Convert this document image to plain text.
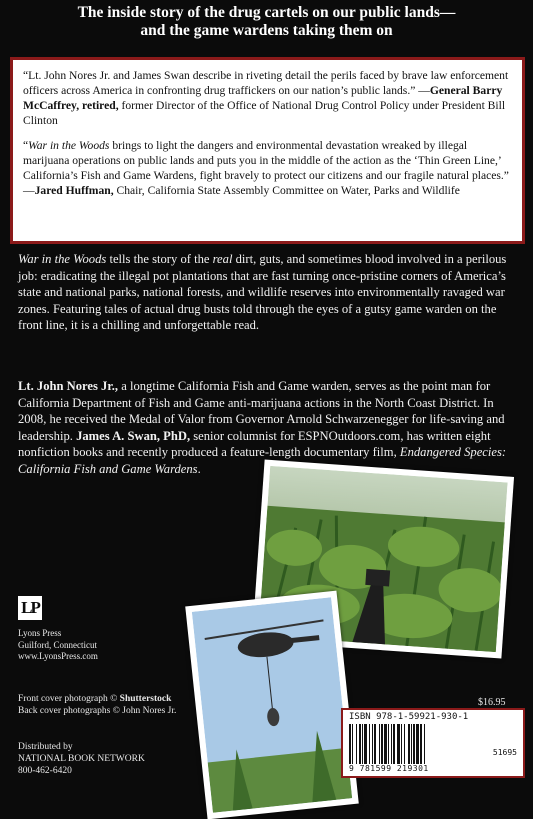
The inside story of the drug cartels on our public lands—
and the game wardens taking them on

“Lt. John Nores Jr. and James Swan describe in riveting detail the perils faced by brave law enforcement officers across America in confronting drug traffickers on our nation’s public lands.” —General Barry McCaffrey, retired, former Director of the Office of National Drug Control Policy under President Bill Clinton

“War in the Woods brings to light the dangers and environmental devastation wreaked by illegal marijuana operations on public lands and puts you in the middle of the action as the ‘Thin Green Line,’ California’s Fish and Game Wardens, fight bravely to protect our citizens and our fragile natural places.” —Jared Huffman, Chair, California State Assembly Committee on Water, Parks and Wildlife

War in the Woods tells the story of the real dirt, guts, and sometimes blood involved in a perilous job: eradicating the illegal pot plantations that are fast turning once-pristine corners of America’s state and national parks, national forests, and wildlife reserves into environmentally ravaged war zones. Featuring tales of actual drug busts told through the eyes of a gutsy game warden on the front line, it is a chilling and unforgettable read.
Lt. John Nores Jr., a longtime California Fish and Game warden, serves as the point man for California Department of Fish and Game anti-marijuana actions in the North Coast District. In 2008, he received the Medal of Valor from Governor Arnold Schwarzenegger for life-saving and leadership. James A. Swan, PhD, senior columnist for ESPNOutdoors.com, has written eight nonfiction books and recently produced a feature-length documentary film, Endangered Species: California Fish and Game Wardens.
LP
Lyons Press
Guilford, Connecticut
www.LyonsPress.com
Front cover photograph © Shutterstock
Back cover photographs © John Nores Jr.
Distributed by
NATIONAL BOOK NETWORK
800-462-6420
$16.95
ISBN 978-1-59921-930-1
9 781599 219301
51695
